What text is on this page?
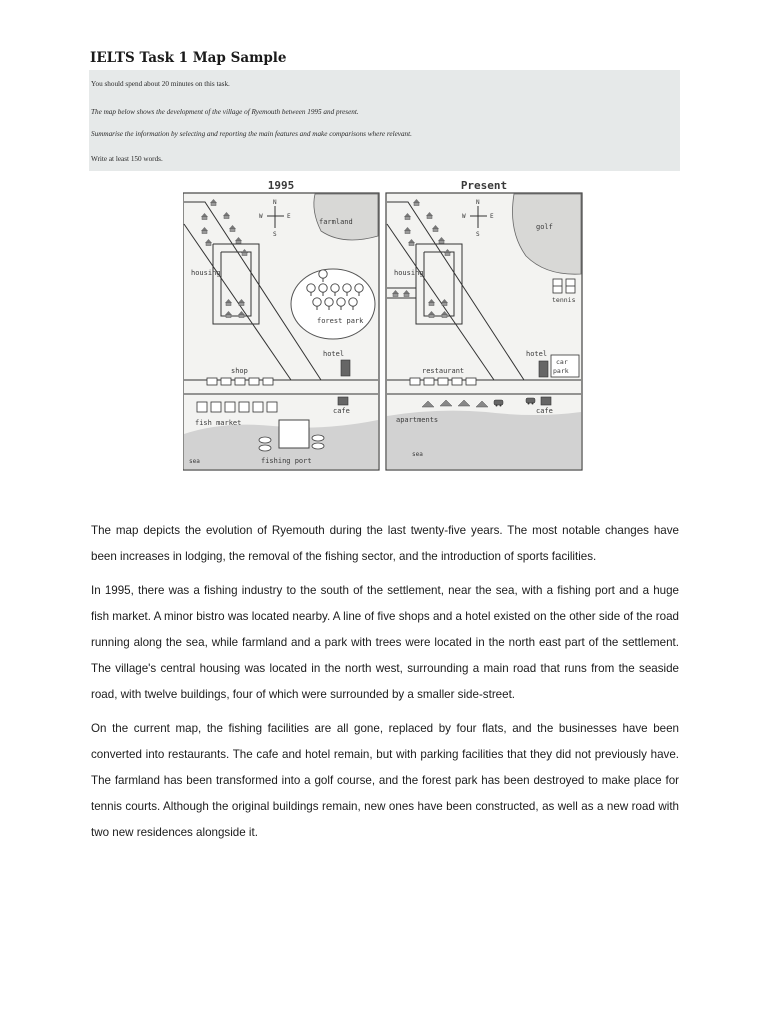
IELTS Task 1 Map Sample

You should spend about 20 minutes on this task.

The map below shows the development of the village of Ryemouth between 1995 and present.

Summarise the information by selecting and reporting the main features and make comparisons where relevant.

Write at least 150 words.

1995
N
S
W	E
housing
farmland
forest park
hotel
shop
cafe
fish market
sea	fishing port
Present
N
S
W	E
housing
golf
tennis
hotel
car
park
restaurant
cafe
apartments
sea

The map depicts the evolution of Ryemouth during the last twenty-five years. The most notable changes have been increases in lodging, the removal of the fishing sector, and the introduction of sports facilities.

In 1995, there was a fishing industry to the south of the settlement, near the sea, with a fishing port and a huge fish market. A minor bistro was located nearby. A line of five shops and a hotel existed on the other side of the road running along the sea, while farmland and a park with trees were located in the north east part of the settlement. The village's central housing was located in the north west, surrounding a main road that runs from the seaside road, with twelve buildings, four of which were surrounded by a smaller side-street.

On the current map, the fishing facilities are all gone, replaced by four flats, and the businesses have been converted into restaurants. The cafe and hotel remain, but with parking facilities that they did not previously have. The farmland has been transformed into a golf course, and the forest park has been destroyed to make place for tennis courts. Although the original buildings remain, new ones have been constructed, as well as a new road with two new residences alongside it.
